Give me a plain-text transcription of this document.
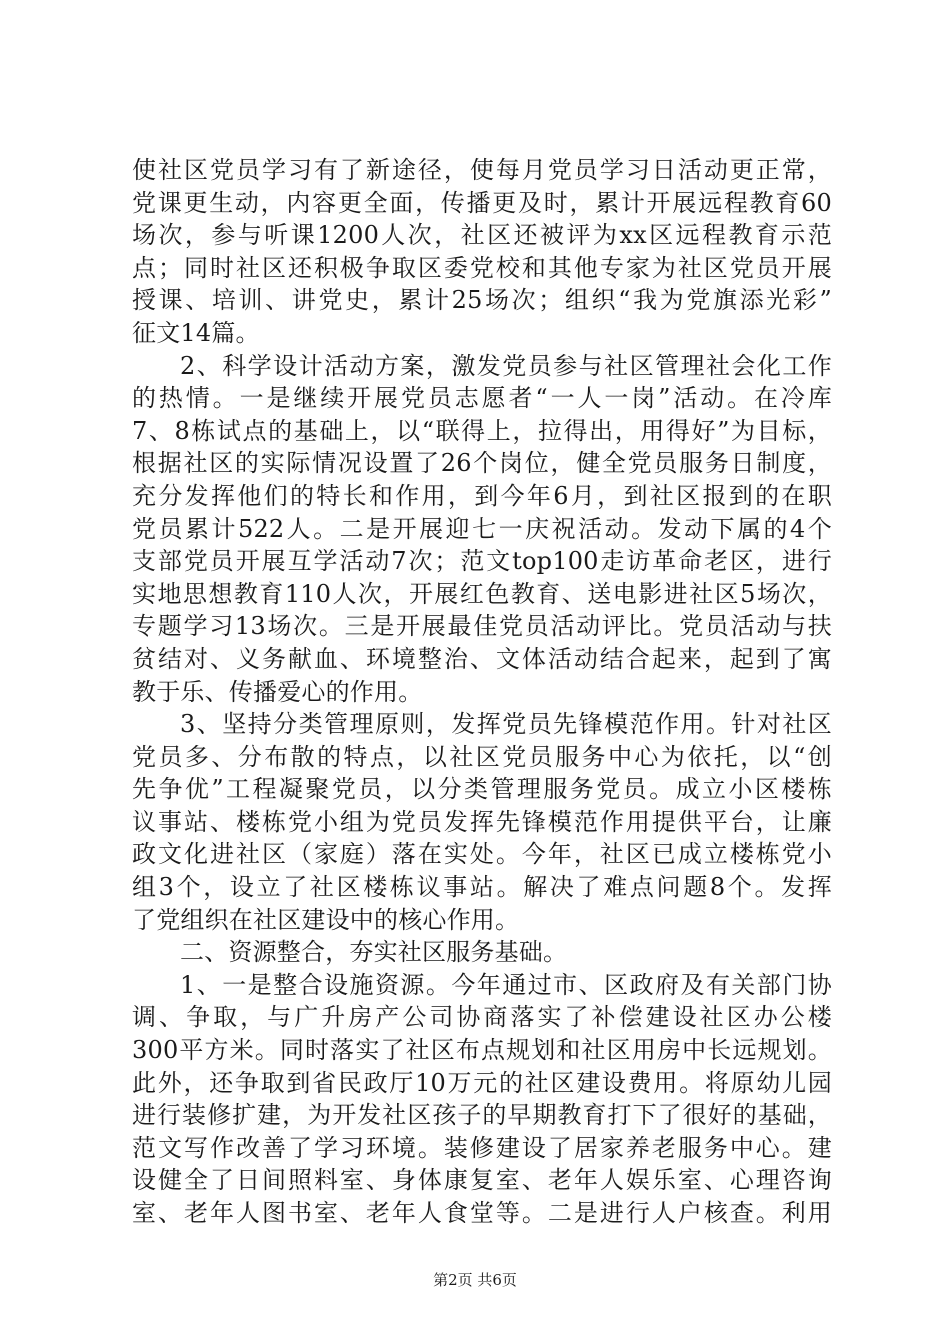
使社区党员学习有了新途径，使每月党员学习日活动更正常，
党课更生动，内容更全面，传播更及时，累计开展远程教育60
场次，参与听课1200人次，社区还被评为xx区远程教育示范
点；同时社区还积极争取区委党校和其他专家为社区党员开展
授课、培训、讲党史，累计25场次；组织“我为党旗添光彩”
征文14篇。
2、科学设计活动方案，激发党员参与社区管理社会化工作
的热情。一是继续开展党员志愿者“一人一岗”活动。在冷库
7、8栋试点的基础上，以“联得上，拉得出，用得好”为目标，
根据社区的实际情况设置了26个岗位，健全党员服务日制度，
充分发挥他们的特长和作用，到今年6月，到社区报到的在职
党员累计522人。二是开展迎七一庆祝活动。发动下属的4个
支部党员开展互学活动7次；范文top100走访革命老区，进行
实地思想教育110人次，开展红色教育、送电影进社区5场次，
专题学习13场次。三是开展最佳党员活动评比。党员活动与扶
贫结对、义务献血、环境整治、文体活动结合起来，起到了寓
教于乐、传播爱心的作用。
3、坚持分类管理原则，发挥党员先锋模范作用。针对社区
党员多、分布散的特点，以社区党员服务中心为依托，以“创
先争优”工程凝聚党员，以分类管理服务党员。成立小区楼栋
议事站、楼栋党小组为党员发挥先锋模范作用提供平台，让廉
政文化进社区（家庭）落在实处。今年，社区已成立楼栋党小
组3个，设立了社区楼栋议事站。解决了难点问题8个。发挥
了党组织在社区建设中的核心作用。
二、资源整合，夯实社区服务基础。
1、一是整合设施资源。今年通过市、区政府及有关部门协
调、争取，与广升房产公司协商落实了补偿建设社区办公楼
300平方米。同时落实了社区布点规划和社区用房中长远规划。
此外，还争取到省民政厅10万元的社区建设费用。将原幼儿园
进行装修扩建，为开发社区孩子的早期教育打下了很好的基础，
范文写作改善了学习环境。装修建设了居家养老服务中心。建
设健全了日间照料室、身体康复室、老年人娱乐室、心理咨询
室、老年人图书室、老年人食堂等。二是进行人户核查。利用
第2页 共6页
